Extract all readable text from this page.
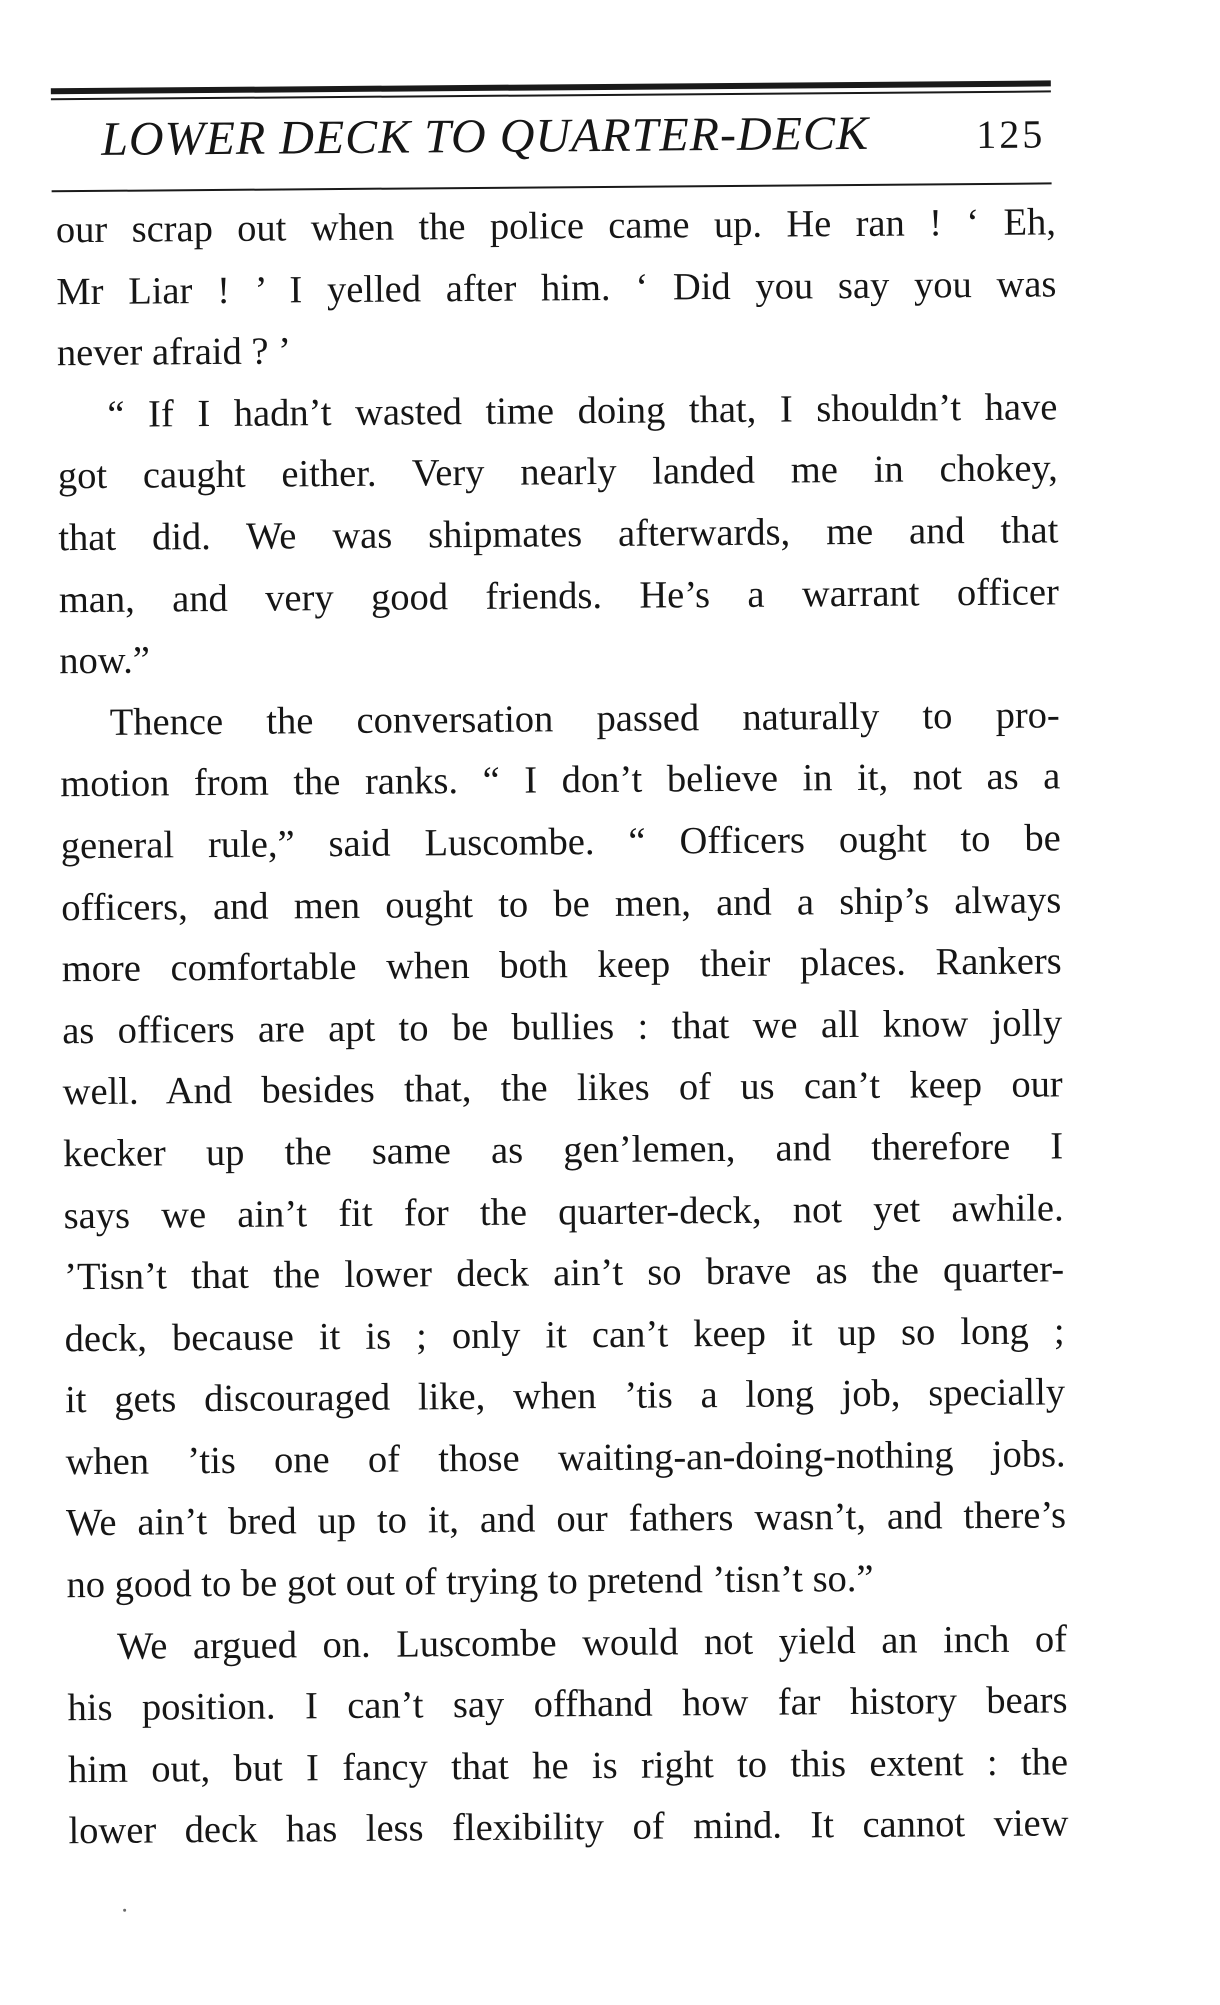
LOWER DECK TO QUARTER-DECK	125
our scrap out when the police came up. He ran ! ‘ Eh,
Mr Liar ! ’ I yelled after him. ‘ Did you say you was
never afraid ? ’
“ If I hadn’t wasted time doing that, I shouldn’t have
got caught either. Very nearly landed me in chokey,
that did. We was shipmates afterwards, me and that
man, and very good friends. He’s a warrant officer
now.”
Thence the conversation passed naturally to pro-
motion from the ranks. “ I don’t believe in it, not as a
general rule,” said Luscombe. “ Officers ought to be
officers, and men ought to be men, and a ship’s always
more comfortable when both keep their places. Rankers
as officers are apt to be bullies : that we all know jolly
well. And besides that, the likes of us can’t keep our
kecker up the same as gen’lemen, and therefore I
says we ain’t fit for the quarter-deck, not yet awhile.
’Tisn’t that the lower deck ain’t so brave as the quarter-
deck, because it is ; only it can’t keep it up so long ;
it gets discouraged like, when ’tis a long job, specially
when ’tis one of those waiting-an-doing-nothing jobs.
We ain’t bred up to it, and our fathers wasn’t, and there’s
no good to be got out of trying to pretend ’tisn’t so.”
We argued on. Luscombe would not yield an inch of
his position. I can’t say offhand how far history bears
him out, but I fancy that he is right to this extent : the
lower deck has less flexibility of mind. It cannot view
